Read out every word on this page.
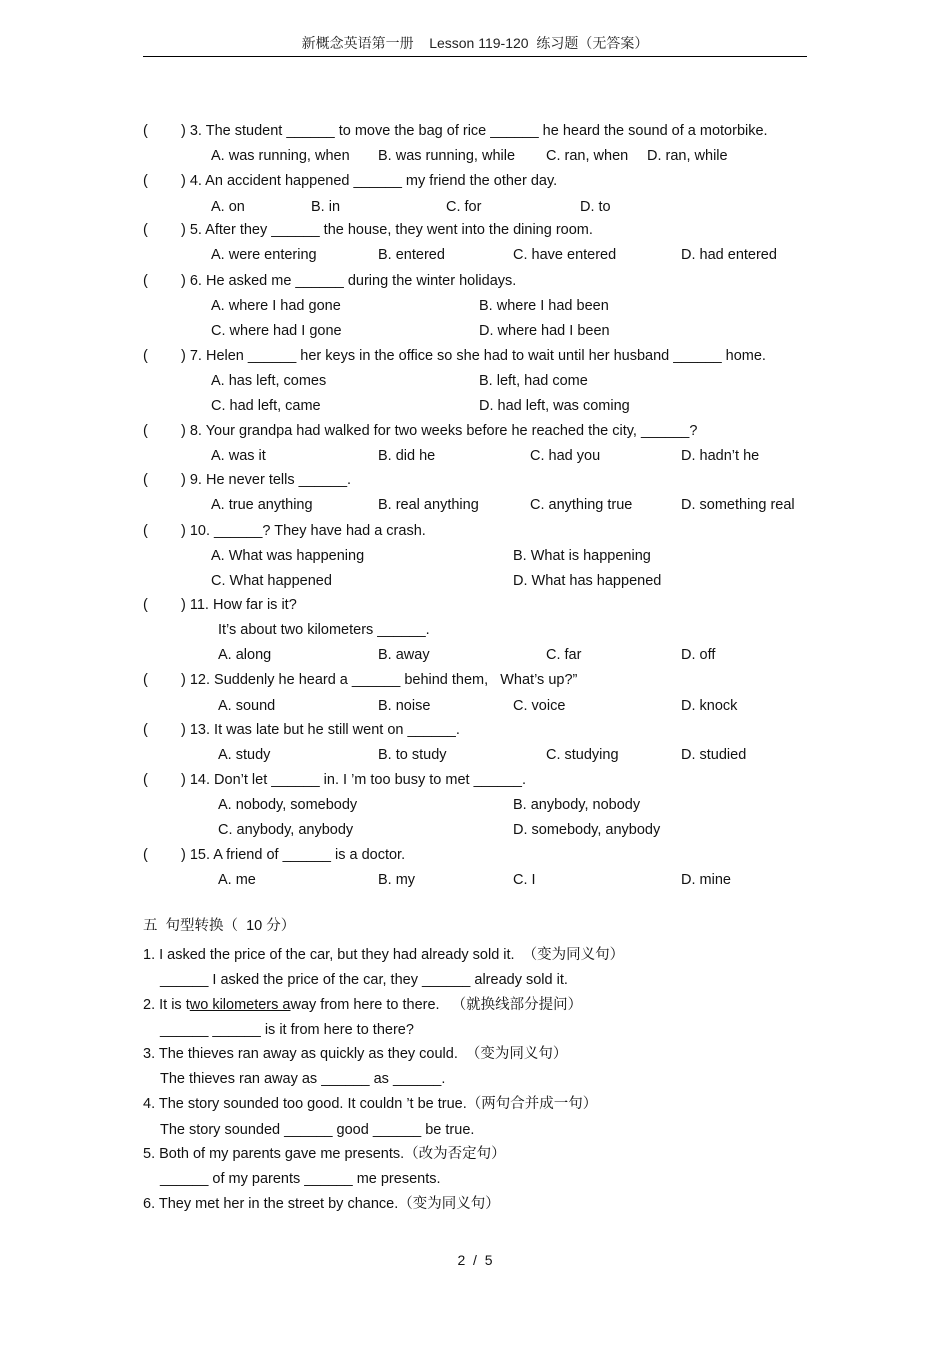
新概念英语第一册    Lesson 119-120  练习题（无答案）
( ) 3. The student ______ to move the bag of rice ______ he heard the sound of a motorbike.
A. was running, when B. was running, while C. ran, when D. ran, while
( ) 4. An accident happened ______ my friend the other day.
A. on	B. in	C. for	D. to
( ) 5. After they ______ the house, they went into the dining room.
A. were entering	B. entered	C. have entered	D. had entered
( ) 6. He asked me ______ during the winter holidays.
A. where I had gone	B. where I had been
C. where had I gone	D. where had I been
( ) 7. Helen ______ her keys in the office so she had to wait until her husband ______ home.
A. has left, comes	B. left, had come
C. had left, came	D. had left, was coming
( ) 8. Your grandpa had walked for two weeks before he reached the city, ______?
A. was it	B. did he	C. had you	D. hadn’t he
( ) 9. He never tells ______.
A. true anything	B. real anything	C. anything true	D. something real
( ) 10. ______? They have had a crash.
A. What was happening	B. What is happening
C. What happened	D. What has happened
( ) 11. How far is it?
It’s about two kilometers ______.
A. along	B. away	C. far	D. off
( ) 12. Suddenly he heard a ______ behind them,   What’s up?”
A. sound	B. noise	C. voice	D. knock
( ) 13. It was late but he still went on ______.
A. study	B. to study	C. studying	D. studied
( ) 14. Don’t let ______ in. I ’m too busy to met ______.
A. nobody, somebody	B. anybody, nobody
C. anybody, anybody	D. somebody, anybody
( ) 15. A friend of ______ is a doctor.
A. me	B. my	C. I	D. mine
五  句型转换（  10 分）
1. I asked the price of the car, but they had already sold it.  （变为同义句）
______ I asked the price of the car, they ______ already sold it.
2. It is two kilometers away from here to there.   （就换线部分提问）
______ ______ is it from here to there?
3. The thieves ran away as quickly as they could.  （变为同义句）
The thieves ran away as ______ as ______.
4. The story sounded too good. It couldn ’t be true.（两句合并成一句）
The story sounded ______ good ______ be true.
5. Both of my parents gave me presents.（改为否定句）
______ of my parents ______ me presents.
6. They met her in the street by chance.（变为同义句）
2  /  5
